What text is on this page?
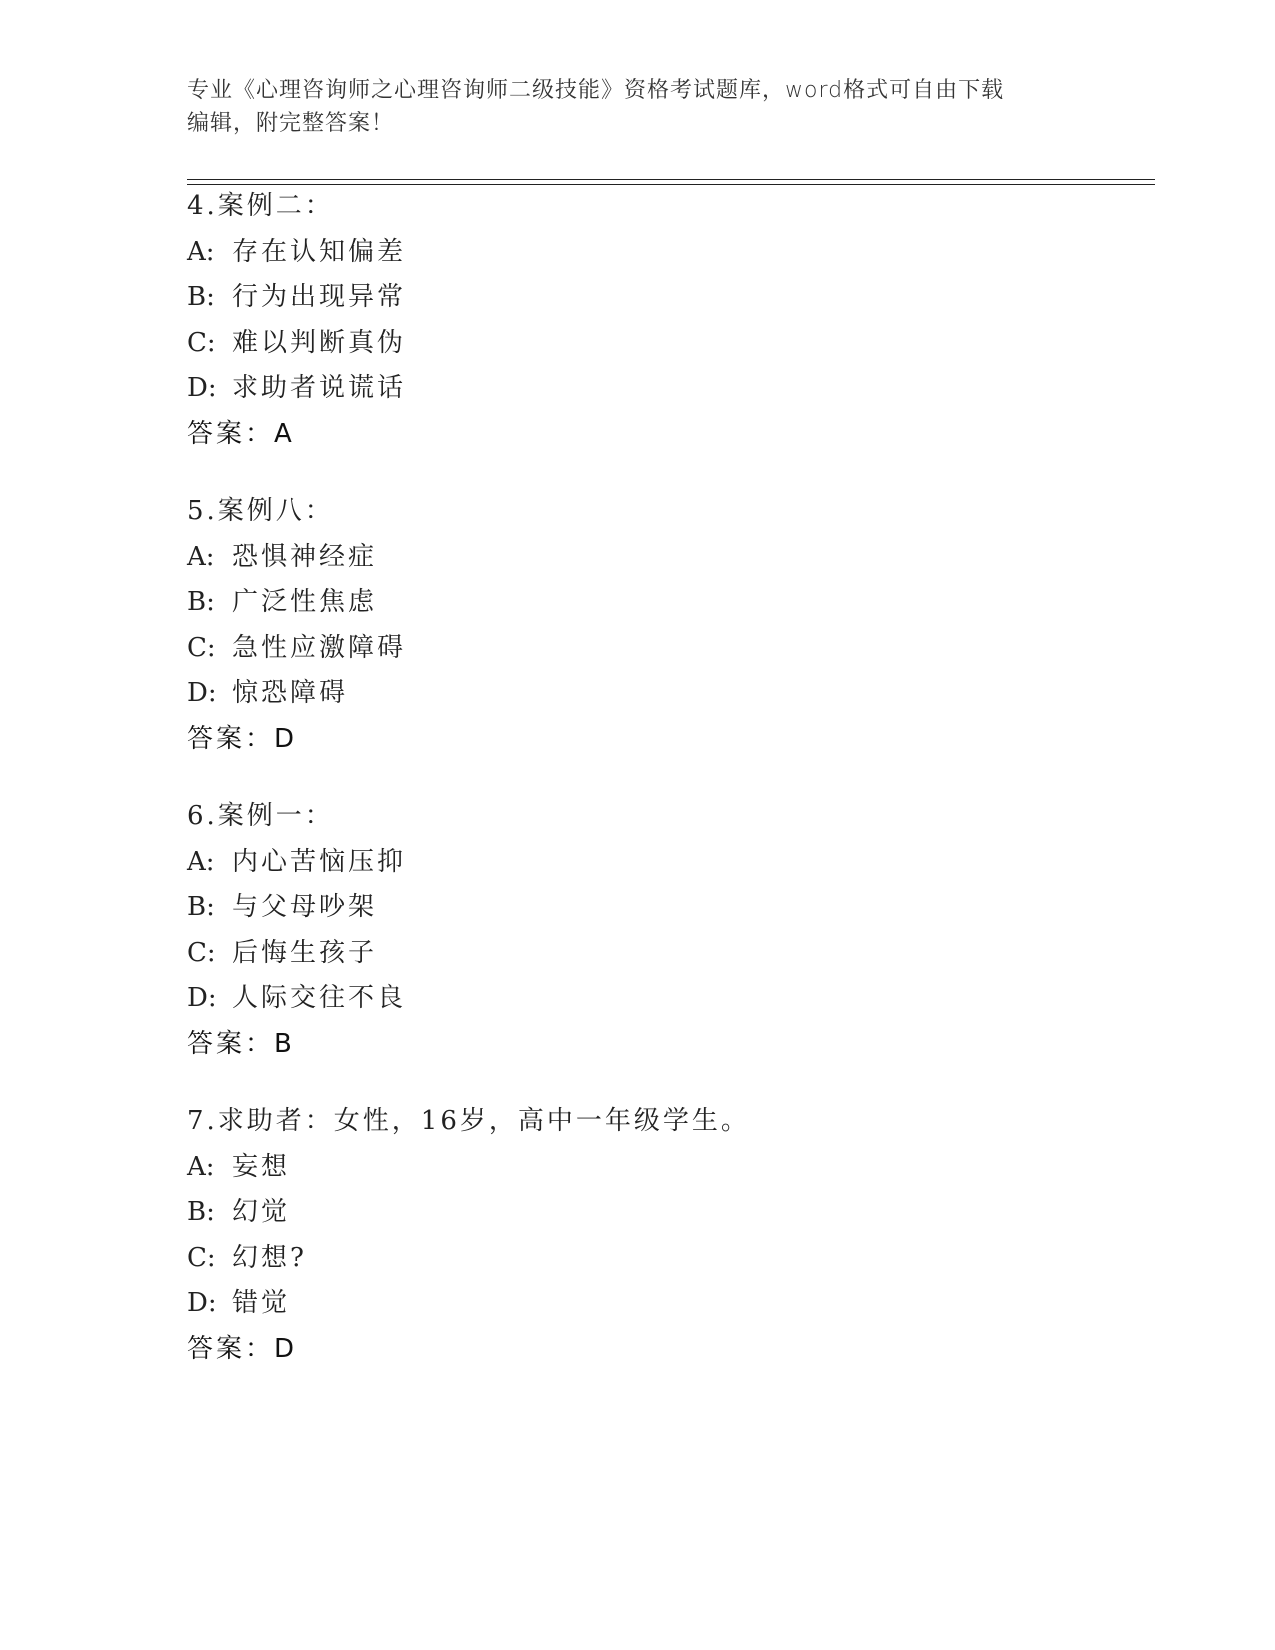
专业《心理咨询师之心理咨询师二级技能》资格考试题库，word格式可自由下载
编辑，附完整答案！
4.案例二：
A: 存在认知偏差
B: 行为出现异常
C: 难以判断真伪
D: 求助者说谎话
答案：A
5.案例八：
A: 恐惧神经症
B: 广泛性焦虑
C: 急性应激障碍
D: 惊恐障碍
答案：D
6.案例一：
A: 内心苦恼压抑
B: 与父母吵架
C: 后悔生孩子
D: 人际交往不良
答案：B
7.求助者：女性，16岁，高中一年级学生。
A: 妄想
B: 幻觉
C: 幻想?
D: 错觉
答案：D
